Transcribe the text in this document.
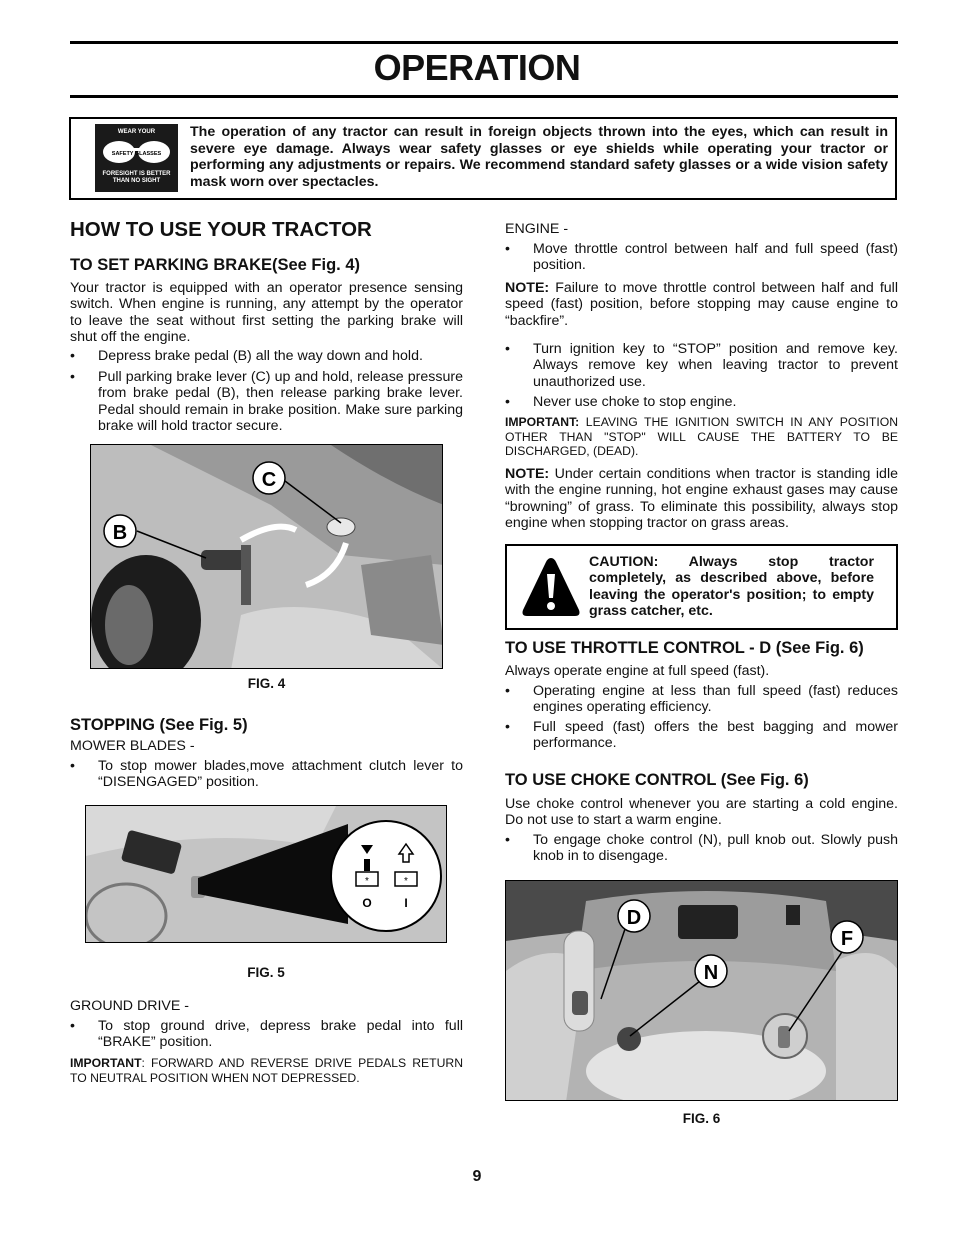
OPERATION
WEAR YOUR
SAFETY GLASSES
FORESIGHT IS BETTER
THAN NO SIGHT
The operation of any tractor can result in foreign objects thrown into the eyes, which can result in severe eye damage. Always wear safety glasses or eye shields while operating your tractor or performing any adjustments or repairs. We recommend standard safety glasses or a wide vision safety mask worn over spectacles.
HOW TO USE YOUR TRACTOR
TO SET PARKING BRAKE(See Fig. 4)
Your tractor is equipped with an operator presence sensing switch. When engine is running, any attempt by the operator to leave the seat without first setting the parking brake will shut off the engine.
• Depress brake pedal (B) all the way down and hold.
• Pull parking brake lever (C) up and hold, release pressure from brake pedal (B), then release parking brake lever. Pedal should remain in brake position. Make sure parking brake will hold tractor secure.
C
B
FIG. 4
STOPPING (See Fig. 5)
MOWER BLADES -
• To stop mower blades,move attachment clutch lever to “DISENGAGED” position.
*	*
O	I
FIG. 5
GROUND DRIVE -
• To stop ground drive, depress brake pedal into full “BRAKE” position.
IMPORTANT: FORWARD AND REVERSE DRIVE PEDALS RETURN TO NEUTRAL POSITION WHEN NOT DEPRESSED.
ENGINE -
• Move throttle control between half and full speed (fast) position.
NOTE: Failure to move throttle control between half and full speed (fast) position, before stopping may cause engine to “backfire”.
• Turn ignition key to “STOP” position and remove key. Always remove key when leaving tractor to prevent unauthorized use.
• Never use choke to stop engine.
IMPORTANT: LEAVING THE IGNITION SWITCH IN ANY POSITION OTHER THAN "STOP" WILL CAUSE THE BATTERY TO BE DISCHARGED, (DEAD).
NOTE: Under certain conditions when tractor is standing idle with the engine running, hot engine exhaust gases may cause “browning” of grass. To eliminate this possibility, always stop engine when stopping tractor on grass areas.
CAUTION: Always stop tractor completely, as described above, before leaving the operator's position; to empty grass catcher, etc.
TO USE THROTTLE CONTROL - D (See Fig. 6)
Always operate engine at full speed (fast).
• Operating engine at less than full speed (fast) reduces engines operating efficiency.
• Full speed (fast) offers the best bagging and mower performance.
TO USE CHOKE CONTROL (See Fig. 6)
Use choke control whenever you are starting a cold engine. Do not use to start a warm engine.
• To engage choke control (N), pull knob out. Slowly push knob in to disengage.
D
F
N
FIG. 6
9
